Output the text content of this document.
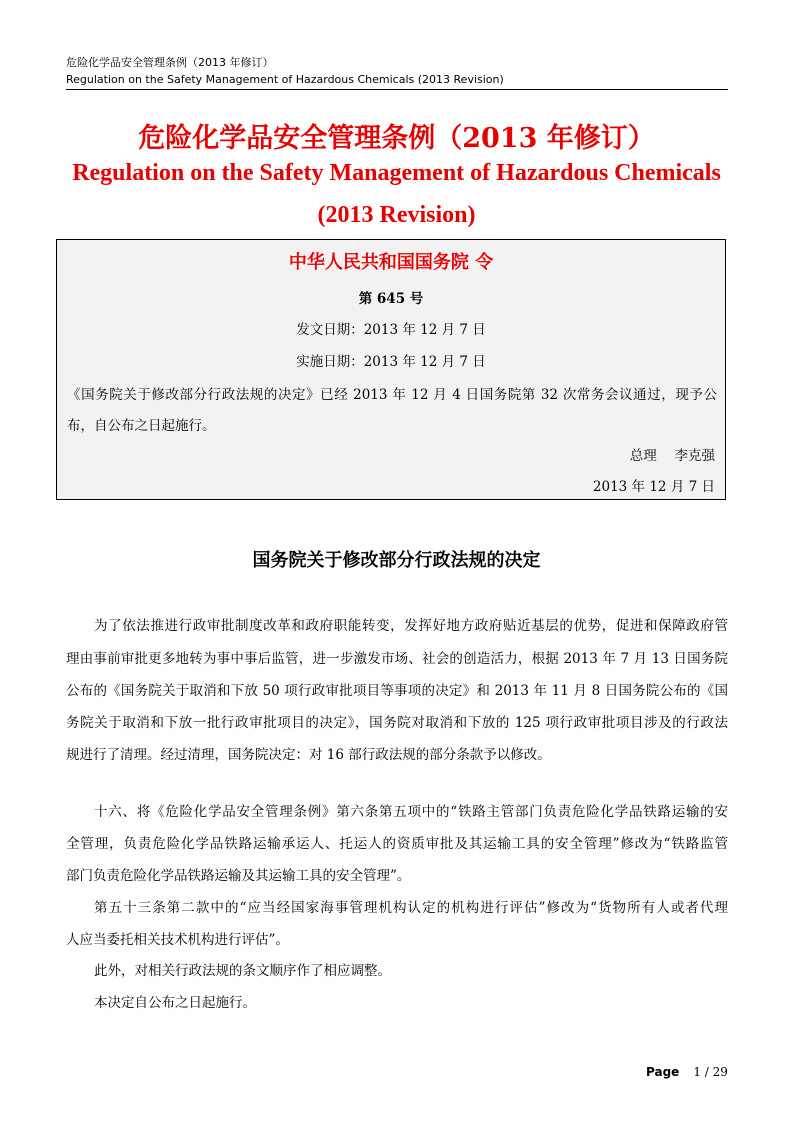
危险化学品安全管理条例（2013 年修订）
Regulation on the Safety Management of Hazardous Chemicals (2013 Revision)
危险化学品安全管理条例（2013 年修订）
Regulation on the Safety Management of Hazardous Chemicals
(2013 Revision)
中华人民共和国国务院 令
第 645 号
发文日期：2013 年 12 月 7 日
实施日期：2013 年 12 月 7 日
《国务院关于修改部分行政法规的决定》已经 2013 年 12 月 4 日国务院第 32 次常务会议通过，现予公
布，自公布之日起施行。
总理　 李克强
2013 年 12 月 7 日
国务院关于修改部分行政法规的决定
为了依法推进行政审批制度改革和政府职能转变，发挥好地方政府贴近基层的优势，促进和保障政府管
理由事前审批更多地转为事中事后监管，进一步激发市场、社会的创造活力，根据 2013 年 7 月 13 日国务院
公布的《国务院关于取消和下放 50 项行政审批项目等事项的决定》和 2013 年 11 月 8 日国务院公布的《国
务院关于取消和下放一批行政审批项目的决定》，国务院对取消和下放的 125 项行政审批项目涉及的行政法
规进行了清理。经过清理，国务院决定：对 16 部行政法规的部分条款予以修改。
十六、将《危险化学品安全管理条例》第六条第五项中的“铁路主管部门负责危险化学品铁路运输的安
全管理，负责危险化学品铁路运输承运人、托运人的资质审批及其运输工具的安全管理”修改为“铁路监管
部门负责危险化学品铁路运输及其运输工具的安全管理”。
第五十三条第二款中的“应当经国家海事管理机构认定的机构进行评估”修改为“货物所有人或者代理
人应当委托相关技术机构进行评估”。
此外，对相关行政法规的条文顺序作了相应调整。
本决定自公布之日起施行。
Page 1 / 29
